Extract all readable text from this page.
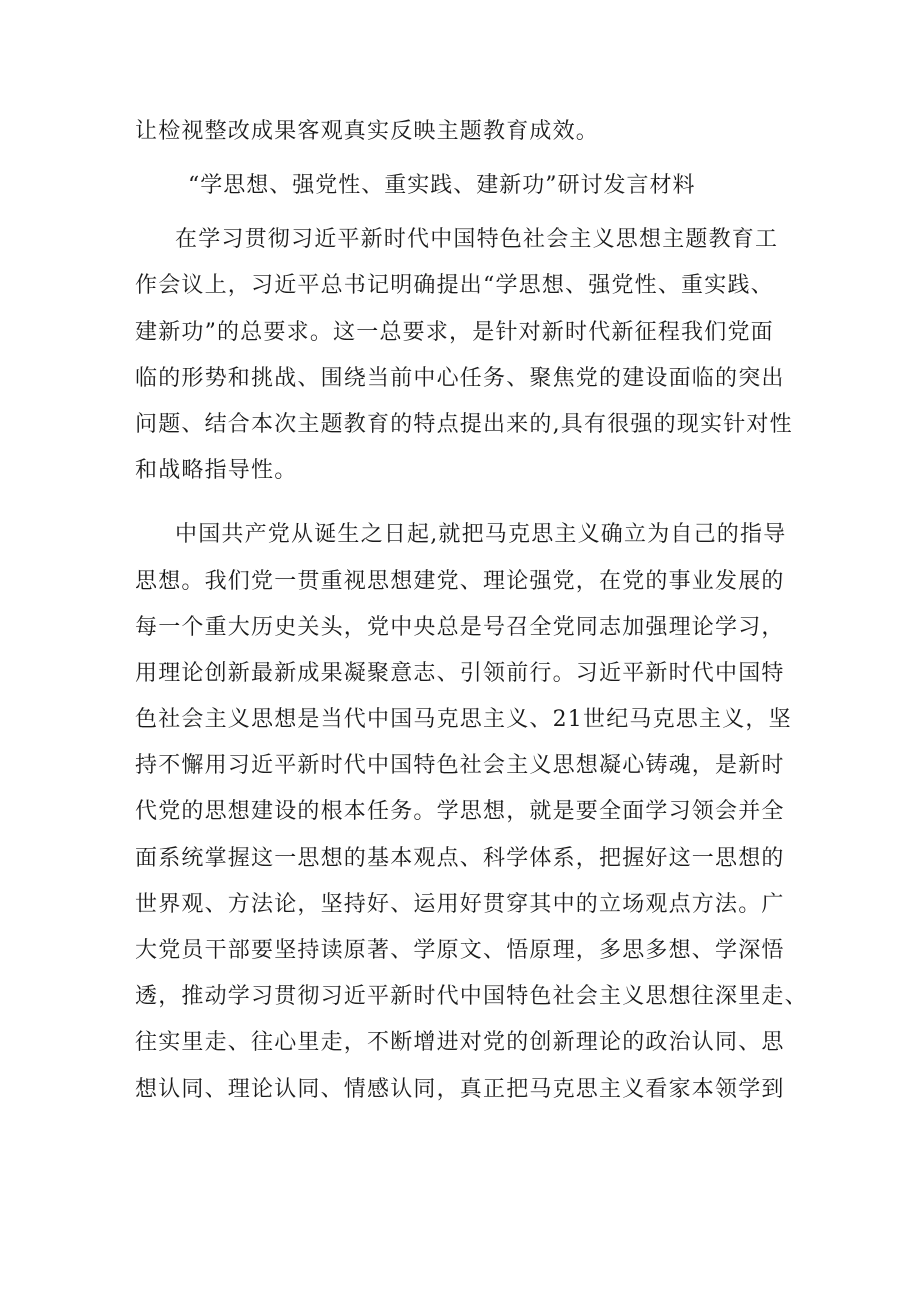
让检视整改成果客观真实反映主题教育成效。
“学思想、强党性、重实践、建新功”研讨发言材料
在学习贯彻习近平新时代中国特色社会主义思想主题教育工
作会议上，习近平总书记明确提出“学思想、强党性、重实践、
建新功”的总要求。这一总要求，是针对新时代新征程我们党面
临的形势和挑战、围绕当前中心任务、聚焦党的建设面临的突出
问题、结合本次主题教育的特点提出来的,具有很强的现实针对性
和战略指导性。
中国共产党从诞生之日起,就把马克思主义确立为自己的指导
思想。我们党一贯重视思想建党、理论强党，在党的事业发展的
每一个重大历史关头，党中央总是号召全党同志加强理论学习，
用理论创新最新成果凝聚意志、引领前行。习近平新时代中国特
色社会主义思想是当代中国马克思主义、21世纪马克思主义，坚
持不懈用习近平新时代中国特色社会主义思想凝心铸魂，是新时
代党的思想建设的根本任务。学思想，就是要全面学习领会并全
面系统掌握这一思想的基本观点、科学体系，把握好这一思想的
世界观、方法论，坚持好、运用好贯穿其中的立场观点方法。广
大党员干部要坚持读原著、学原文、悟原理，多思多想、学深悟
透，推动学习贯彻习近平新时代中国特色社会主义思想往深里走、
往实里走、往心里走，不断增进对党的创新理论的政治认同、思
想认同、理论认同、情感认同，真正把马克思主义看家本领学到
